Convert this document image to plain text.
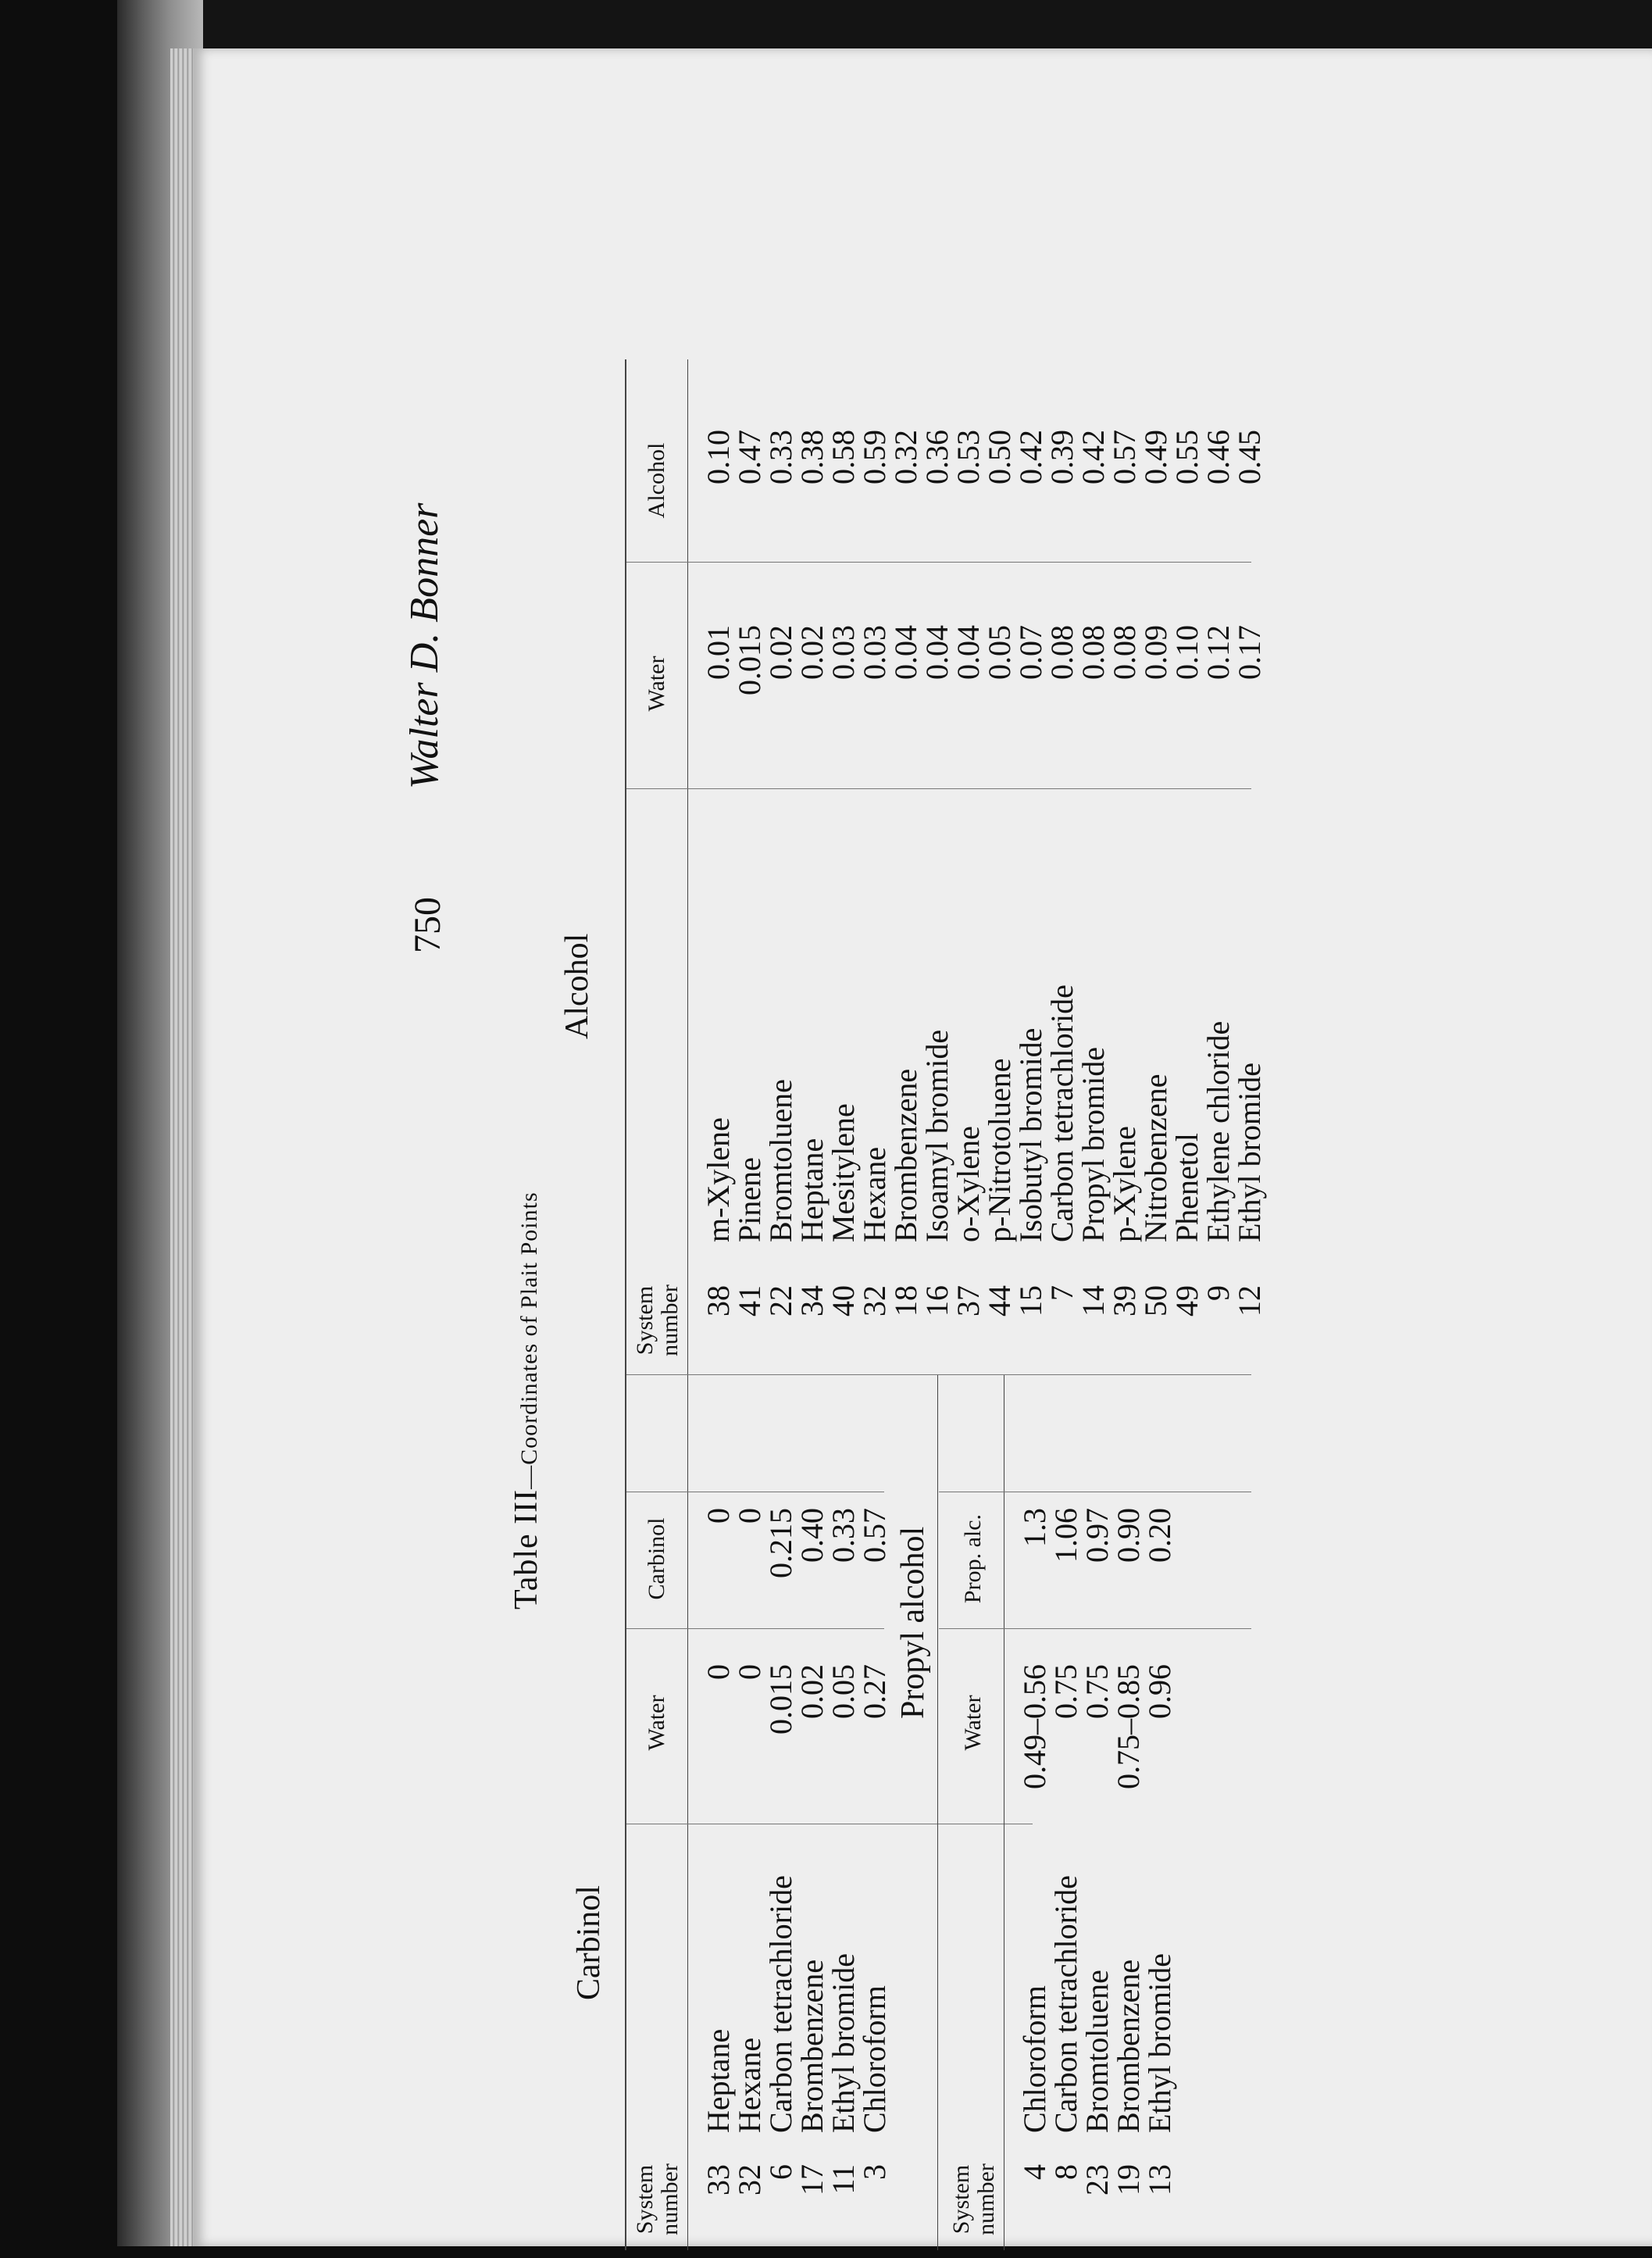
750
Walter D. Bonner
Table III—Coordinates of Plait Points
Carbinol
System number
Water
Carbinol
33
32
6
17
11
3
Heptane
Hexane
Carbon tetrachloride
Brombenzene
Ethyl bromide
Chloroform
0
0
0.015
0.02
0.05
0.27
0
0
0.215
0.40
0.33
0.57 Propyl alcohol
System number
Water
Prop. alc.
4
8
23
19
13
Chloroform
Carbon tetrachloride
Bromtoluene
Brombenzene
Ethyl bromide
0.49–0.56
0.75
0.75
0.75–0.85
0.96
1.3
1.06
0.97
0.90
0.20
Alcohol
System number
Water
Alcohol
38
41
22
34
40
32
18
16
37
44
15
7
14
39
50
49
9
12
m-Xylene
Pinene
Bromtoluene
Heptane
Mesitylene
Hexane
Brombenzene
Isoamyl bromide
o-Xylene
p-Nitrotoluene
Isobutyl bromide
Carbon tetrachloride
Propyl bromide
p-Xylene
Nitrobenzene
Phenetol
Ethylene chloride
Ethyl bromide
0.01
0.015
0.02
0.02
0.03
0.03
0.04
0.04
0.04
0.05
0.07
0.08
0.08
0.08
0.09
0.10
0.12
0.17
0.10
0.47
0.33
0.38
0.58
0.59
0.32
0.36
0.53
0.50
0.42
0.39
0.42
0.57
0.49
0.55
0.46
0.45
